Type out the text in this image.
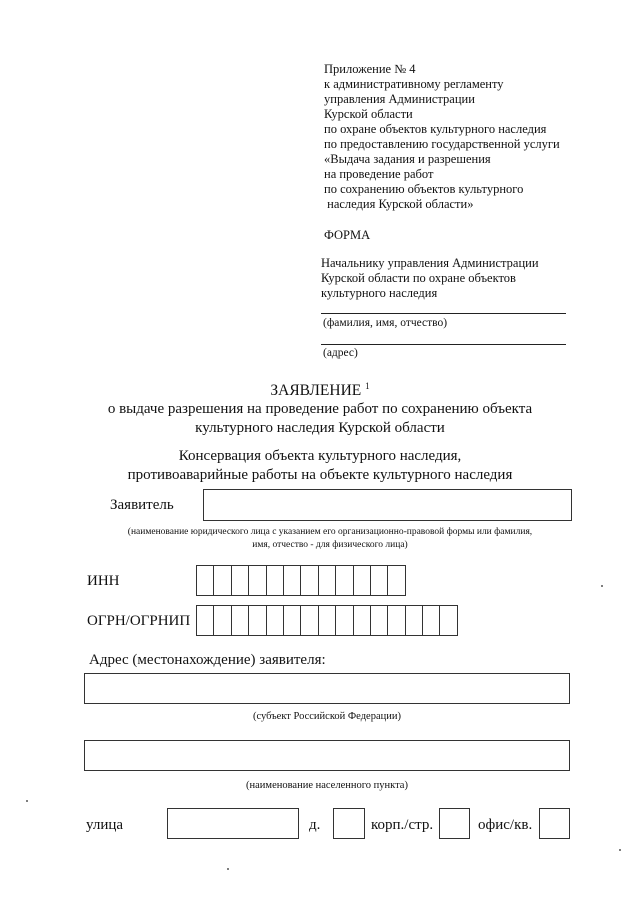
Приложение № 4
к административному регламенту
управления Администрации
Курской области
по охране объектов культурного наследия
по предоставлению государственной услуги
«Выдача задания и разрешения
на проведение работ
по сохранению объектов культурного
наследия Курской области»
ФОРМА
Начальнику управления Администрации
Курской области по охране объектов
культурного наследия
(фамилия, имя, отчество)
(адрес)
ЗАЯВЛЕНИЕ $^1$
о выдаче разрешения на проведение работ по сохранению объекта
культурного наследия Курской области
Консервация объекта культурного наследия,
противоаварийные работы на объекте культурного наследия
Заявитель
(наименование юридического лица с указанием его организационно-правовой формы или фамилия,
имя, отчество - для физического лица)
ИНН
ОГРН/ОГРНИП
Адрес (местонахождение) заявителя:
(субъект Российской Федерации)
(наименование населенного пункта)
улица	д.	корп./стр.	офис/кв.
